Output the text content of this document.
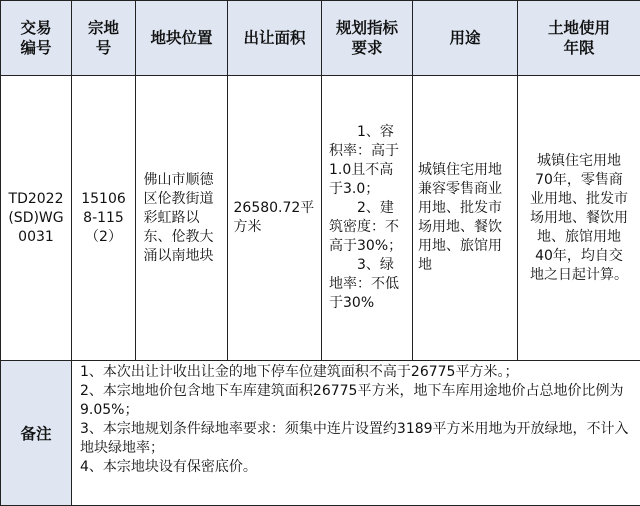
交易编号	宗地号	地块位置	出让面积	规划指标要求	用途	土地使用年限

TD2022(SD)WG0031	151068-115（2）	佛山市顺德区伦教街道彩虹路以东、伦教大涌以南地块	26580.72平方米	　　1、容积率：高于1.0且不高于3.0；
　　2、建筑密度：不高于30%；
　　3、绿地率：不低于30%	城镇住宅用地兼容零售商业用地、批发市场用地、餐饮用地、旅馆用地	城镇住宅用地70年，零售商业用地、批发市场用地、餐饮用地、旅馆用地40年，均自交地之日起计算。

备注	1、本次出让计收出让金的地下停车位建筑面积不高于26775平方米。；
2、本宗地地价包含地下车库建筑面积26775平方米，地下车库用途地价占总地价比例为9.05%；
3、本宗地规划条件绿地率要求：须集中连片设置约3189平方米用地为开放绿地，不计入地块绿地率；
4、本宗地块设有保密底价。					
